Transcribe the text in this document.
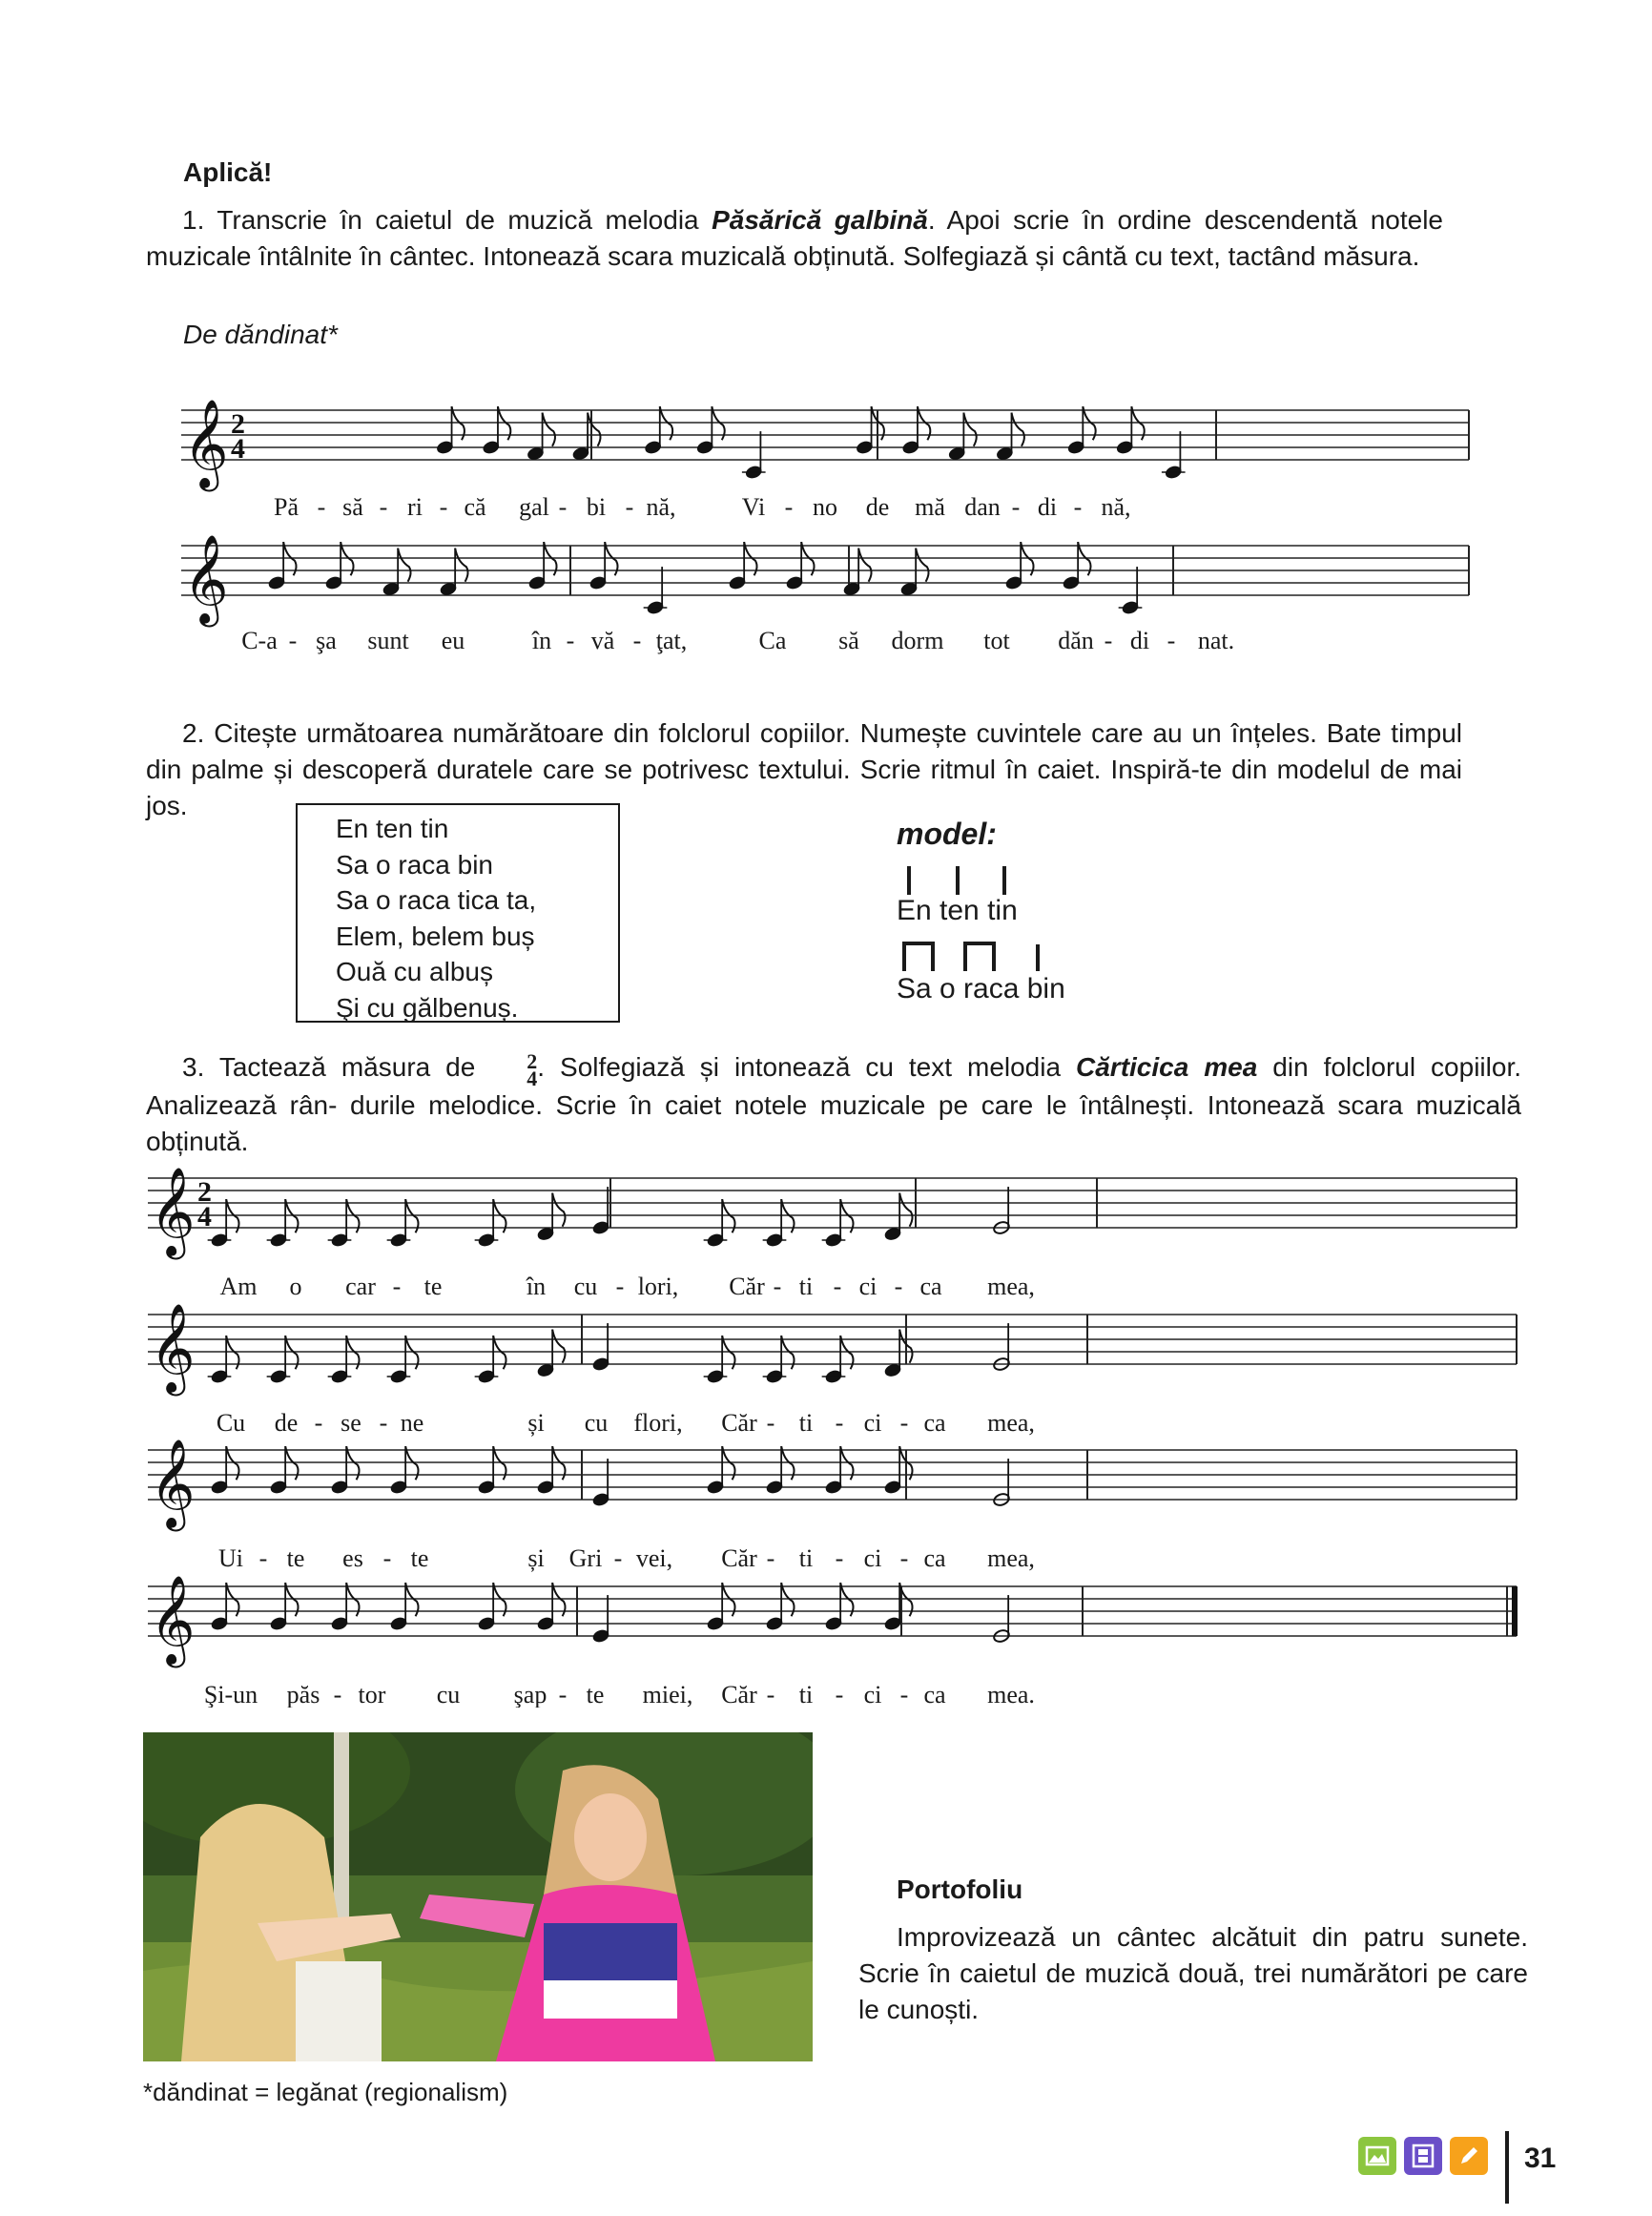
Aplică!
1. Transcrie în caietul de muzică melodia Păsărică galbină. Apoi scrie în ordine descendentă notele muzicale întâlnite în cântec. Intonează scara muzicală obținută. Solfegiază și cântă cu text, tactând măsura.
De dăndinat*
𝄞 2
4
Pă - să - ri - că gal - bi - nă,	Vi - no de mă dan - di - nă,
𝄞
C-a - şa sunt eu	în - vă - ţat,	Ca să dorm tot dăn - di - nat.
2. Citește următoarea numărătoare din folclorul copiilor. Numește cuvintele care au un înțeles. Bate timpul din palme și descoperă duratele care se potrivesc textului. Scrie ritmul în caiet. Inspiră-te din modelul de mai jos.
En ten tin
Sa o raca bin
Sa o raca tica ta,
Elem, belem buș
Ouă cu albuș
Şi cu gălbenuș.
model:
En ten tin
Sa o raca bin
3. Tactează măsura de	2
4 . Solfegiază și intonează cu text melodia Cărticica mea din folclorul copiilor. Analizează rân- durile melodice. Scrie în caiet notele muzicale pe care le întâlnești. Intonează scara muzicală obținută.
𝄞 2
4
Am o car - te	în cu - lori, Căr - ti - ci - ca mea,
𝄞
Cu de - se - ne	și cu flori, Căr - ti - ci - ca mea,
𝄞
Ui - te es - te	și Gri - vei, Căr - ti - ci - ca mea,
𝄞
Şi-un păs - tor cu şap - te miei, Căr - ti - ci - ca mea.
Portofoliu
Improvizează un cântec alcătuit din patru sunete. Scrie în caietul de muzică două, trei numărători pe care le cunoști.
*dăndinat = legănat (regionalism)
31
